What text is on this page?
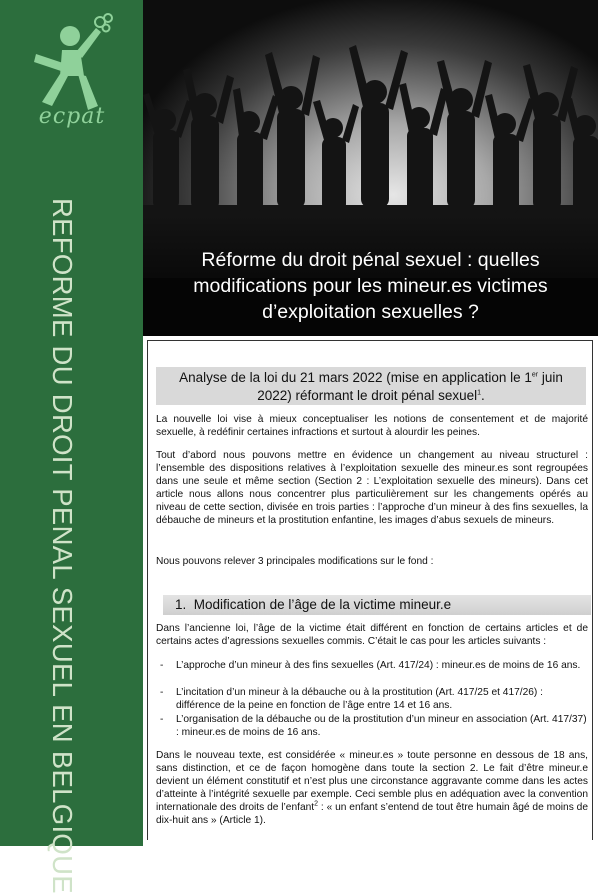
ecpat
REFORME DU DROIT PENAL SEXUEL EN BELGIQUE	Réforme du droit pénal sexuel : quelles
modifications pour les mineur.es victimes
d’exploitation sexuelles ?
Analyse de la loi du 21 mars 2022 (mise en application le 1er juin
2022) réformant le droit pénal sexuel$^1$.
La nouvelle loi vise à mieux conceptualiser les notions de consentement et de majorité sexuelle, à redéfinir certaines infractions et surtout à alourdir les peines.
Tout d’abord nous pouvons mettre en évidence un changement au niveau structurel : l’ensemble des dispositions relatives à l’exploitation sexuelle des mineur.es sont regroupées dans une seule et même section (Section 2 : L’exploitation sexuelle des mineurs). Dans cet article nous allons nous concentrer plus particulièrement sur les changements opérés au niveau de cette section, divisée en trois parties : l’approche d’un mineur à des fins sexuelles, la débauche de mineurs et la prostitution enfantine, les images d’abus sexuels de mineurs.
Nous pouvons relever 3 principales modifications sur le fond :
1. Modification de l’âge de la victime mineur.e
Dans l’ancienne loi, l’âge de la victime était différent en fonction de certains articles et de certains actes d’agressions sexuelles commis. C’était le cas pour les articles suivants :
- L’approche d’un mineur à des fins sexuelles (Art. 417/24) : mineur.es de moins de 16 ans.
- L’incitation d’un mineur à la débauche ou à la prostitution (Art. 417/25 et 417/26) : différence de la peine en fonction de l’âge entre 14 et 16 ans.
- L’organisation de la débauche ou de la prostitution d’un mineur en association (Art. 417/37) : mineur.es de moins de 16 ans.
Dans le nouveau texte, est considérée « mineur.es » toute personne en dessous de 18 ans, sans distinction, et ce de façon homogène dans toute la section 2. Le fait d’être mineur.e devient un élément constitutif et n’est plus une circonstance aggravante comme dans les actes d’atteinte à l’intégrité sexuelle par exemple. Ceci semble plus en adéquation avec la convention internationale des droits de l’enfant$^2$ : « un enfant s’entend de tout être humain âgé de moins de dix-huit ans » (Article 1).
